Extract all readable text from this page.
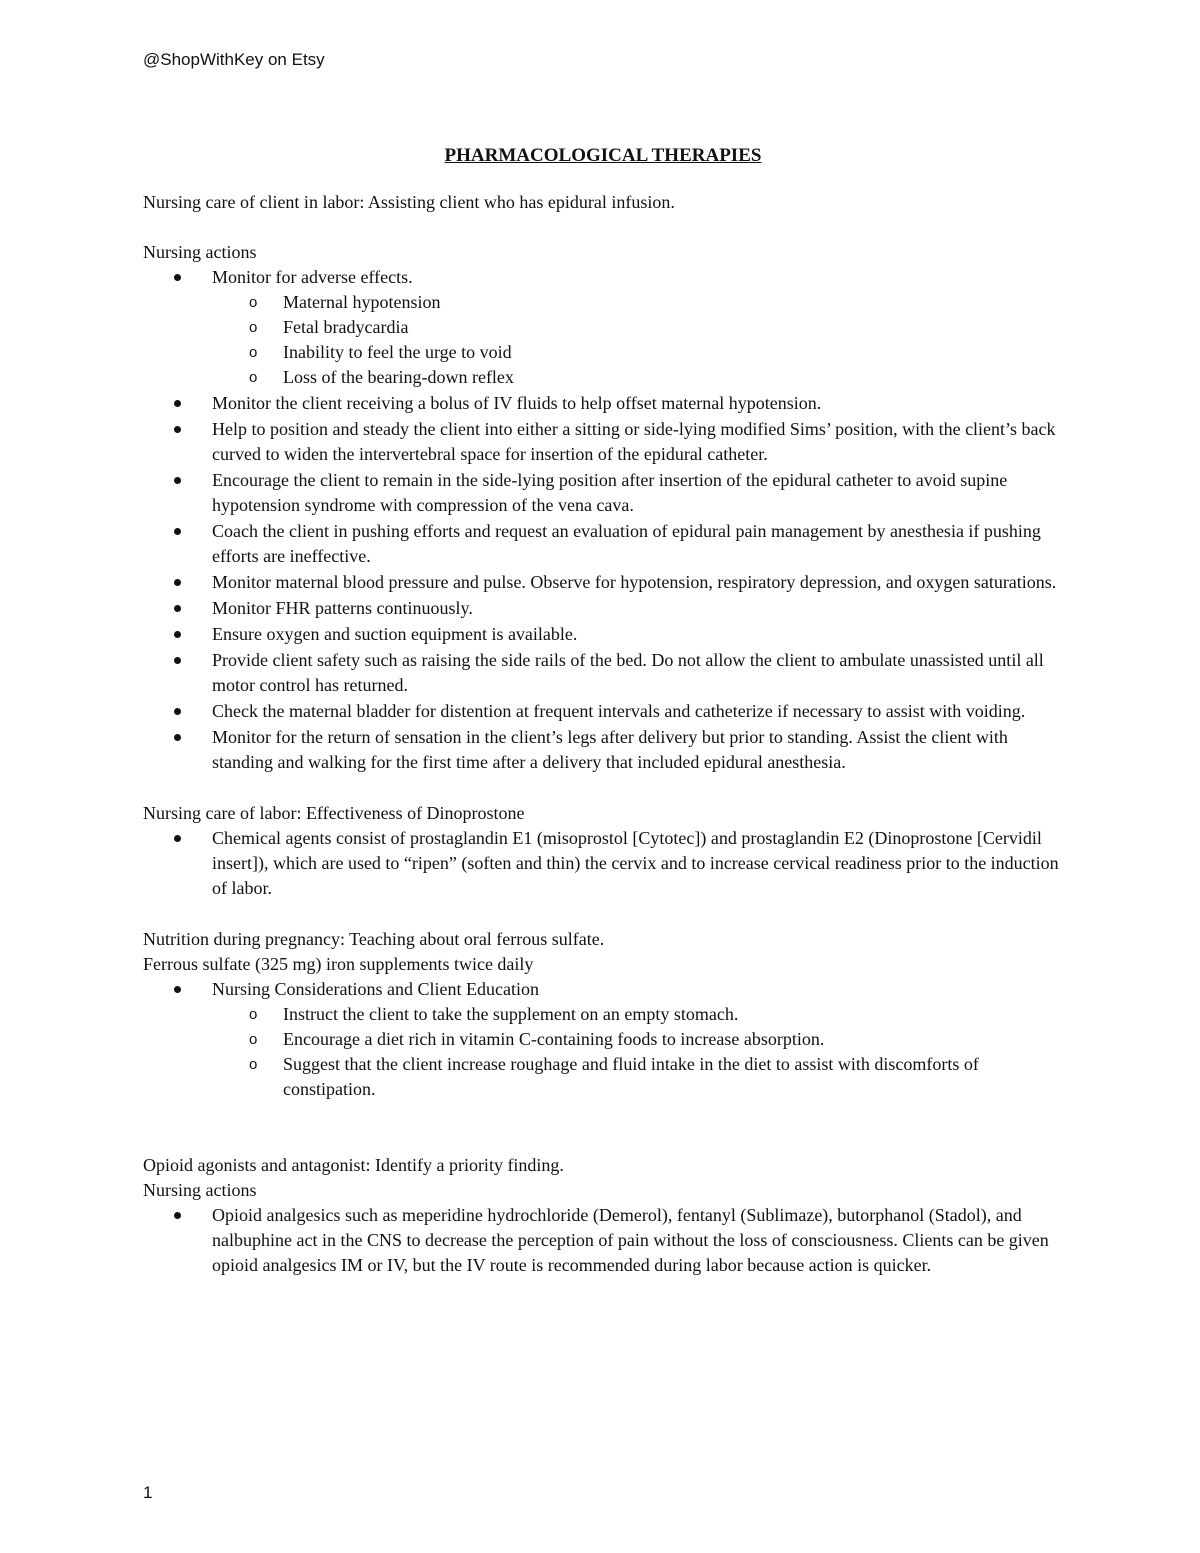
@ShopWithKey on Etsy
PHARMACOLOGICAL THERAPIES

Nursing care of client in labor: Assisting client who has epidural infusion.

Nursing actions

Monitor for adverse effects.
o Maternal hypotension
o Fetal bradycardia
o Inability to feel the urge to void
o Loss of the bearing-down reflex
Monitor the client receiving a bolus of IV fluids to help offset maternal hypotension.
Help to position and steady the client into either a sitting or side-lying modified Sims’ position, with the client’s back curved to widen the intervertebral space for insertion of the epidural catheter.
Encourage the client to remain in the side-lying position after insertion of the epidural catheter to avoid supine hypotension syndrome with compression of the vena cava.
Coach the client in pushing efforts and request an evaluation of epidural pain management by anesthesia if pushing efforts are ineffective.
Monitor maternal blood pressure and pulse. Observe for hypotension, respiratory depression, and oxygen saturations.
Monitor FHR patterns continuously.
Ensure oxygen and suction equipment is available.
Provide client safety such as raising the side rails of the bed. Do not allow the client to ambulate unassisted until all motor control has returned.
Check the maternal bladder for distention at frequent intervals and catheterize if necessary to assist with voiding.
Monitor for the return of sensation in the client’s legs after delivery but prior to standing. Assist the client with standing and walking for the first time after a delivery that included epidural anesthesia.

Nursing care of labor: Effectiveness of Dinoprostone

Chemical agents consist of prostaglandin E1 (misoprostol [Cytotec]) and prostaglandin E2 (Dinoprostone [Cervidil insert]), which are used to “ripen” (soften and thin) the cervix and to increase cervical readiness prior to the induction of labor.

Nutrition during pregnancy: Teaching about oral ferrous sulfate.

Ferrous sulfate (325 mg) iron supplements twice daily

Nursing Considerations and Client Education
o Instruct the client to take the supplement on an empty stomach.
o Encourage a diet rich in vitamin C-containing foods to increase absorption.
o Suggest that the client increase roughage and fluid intake in the diet to assist with discomforts of constipation.

Opioid agonists and antagonist: Identify a priority finding.

Nursing actions

Opioid analgesics such as meperidine hydrochloride (Demerol), fentanyl (Sublimaze), butorphanol (Stadol), and nalbuphine act in the CNS to decrease the perception of pain without the loss of consciousness. Clients can be given opioid analgesics IM or IV, but the IV route is recommended during labor because action is quicker.
1
